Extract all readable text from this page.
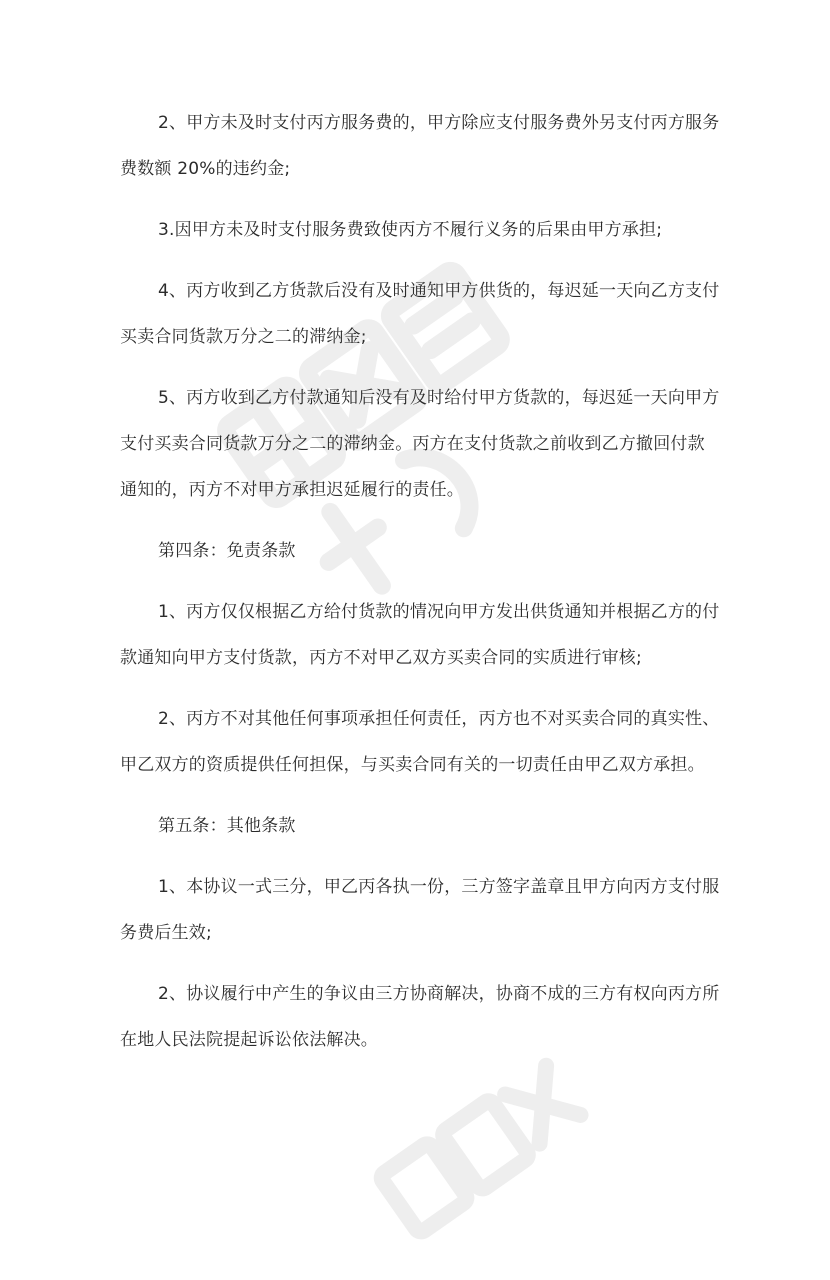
2、甲方未及时支付丙方服务费的，甲方除应支付服务费外另支付丙方服务费数额 20%的违约金;

3.因甲方未及时支付服务费致使丙方不履行义务的后果由甲方承担;

4、丙方收到乙方货款后没有及时通知甲方供货的，每迟延一天向乙方支付买卖合同货款万分之二的滞纳金;

5、丙方收到乙方付款通知后没有及时给付甲方货款的，每迟延一天向甲方支付买卖合同货款万分之二的滞纳金。丙方在支付货款之前收到乙方撤回付款通知的，丙方不对甲方承担迟延履行的责任。

第四条：免责条款

1、丙方仅仅根据乙方给付货款的情况向甲方发出供货通知并根据乙方的付款通知向甲方支付货款，丙方不对甲乙双方买卖合同的实质进行审核;

2、丙方不对其他任何事项承担任何责任，丙方也不对买卖合同的真实性、甲乙双方的资质提供任何担保，与买卖合同有关的一切责任由甲乙双方承担。

第五条：其他条款

1、本协议一式三分，甲乙丙各执一份，三方签字盖章且甲方向丙方支付服务费后生效;

2、协议履行中产生的争议由三方协商解决，协商不成的三方有权向丙方所在地人民法院提起诉讼依法解决。
